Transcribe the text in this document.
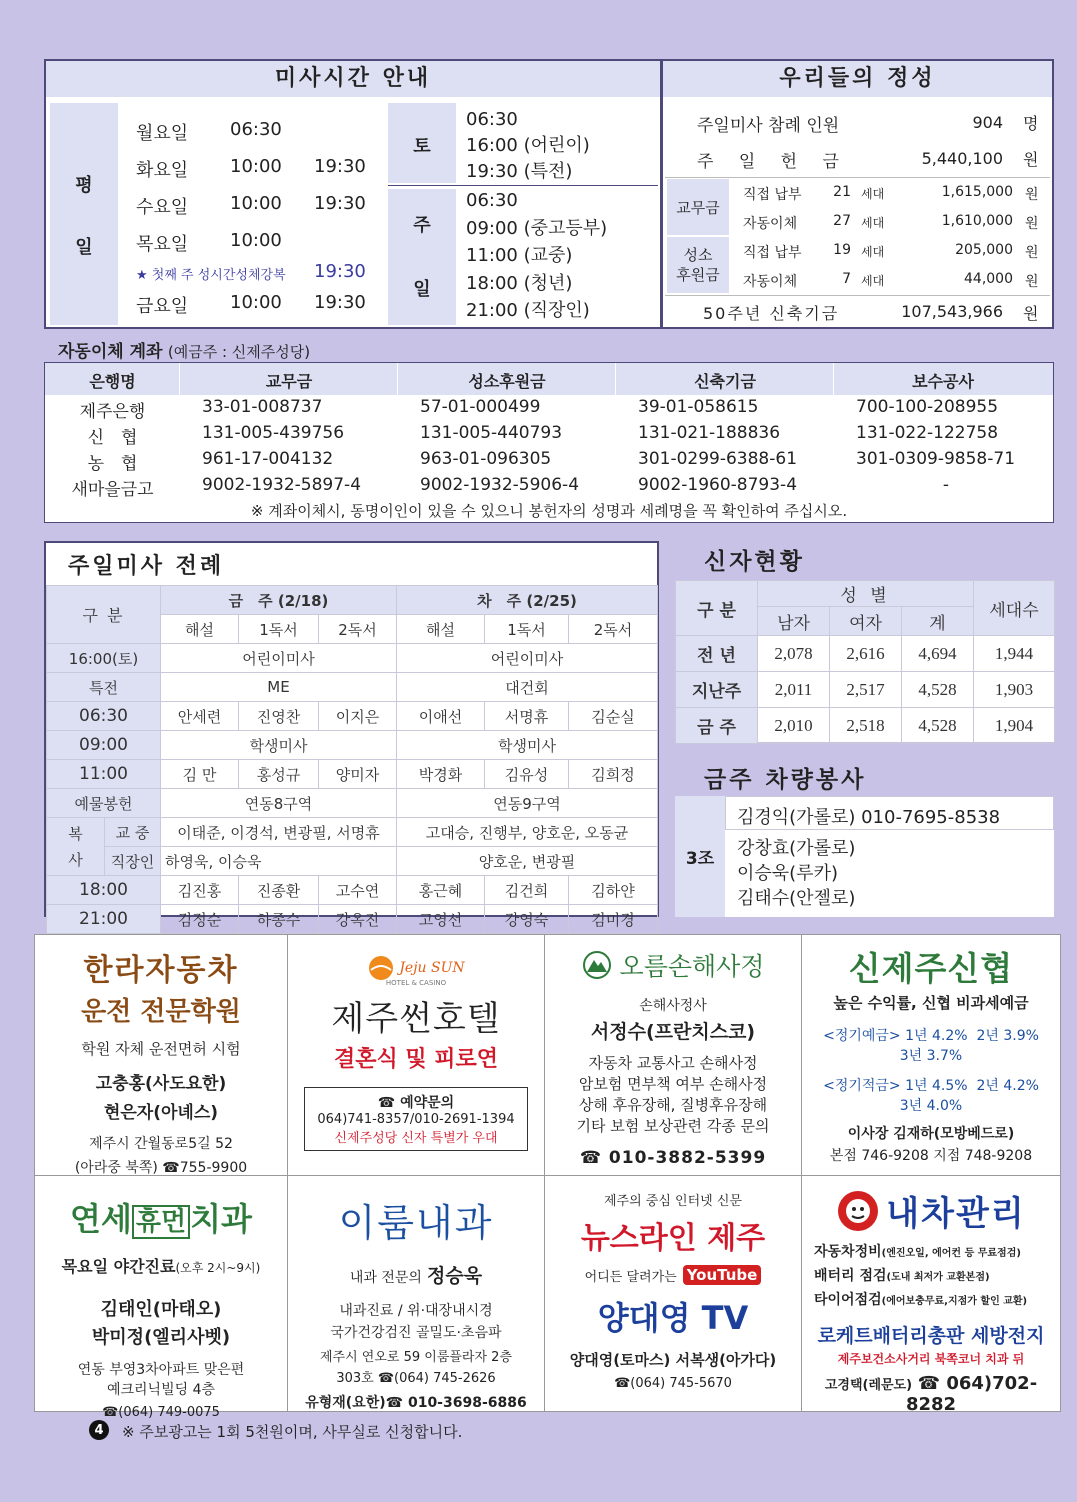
미사시간 안내
평
일
월요일 06:30
화요일 10:00 19:30
수요일 10:00 19:30
목요일 10:00
★ 첫째 주 성시간성체강복 19:30
금요일 10:00 19:30
토
06:30
16:00 (어린이)
19:30 (특전)
주
일
06:30
09:00 (중고등부)
11:00 (교중)
18:00 (청년)
21:00 (직장인)
우리들의 정성
주일미사 참례 인원	904 명
주 일 헌 금	5,440,100 원
교무금
성소
후원금
직접 납부	21 세대	1,615,000 원
자동이체	27 세대	1,610,000 원
직접 납부	19 세대	205,000 원
자동이체	7 세대	44,000 원
50주년 신축기금	107,543,966 원
자동이체 계좌 (예금주 : 신제주성당)
은행명	교무금	성소후원금	신축기금	보수공사
제주은행	33-01-008737	57-01-000499	39-01-058615	700-100-208955
신　협	131-005-439756	131-005-440793	131-021-188836	131-022-122758
농　협	961-17-004132	963-01-096305	301-0299-6388-61	301-0309-9858-71
새마을금고	9002-1932-5897-4	9002-1932-5906-4	9002-1960-8793-4	-
※ 계좌이체시, 동명이인이 있을 수 있으니 봉헌자의 성명과 세례명을 꼭 확인하여 주십시오.
주일미사 전례
구 분		금　주 (2/18)			차　주 (2/25)		
		해설	1독서	2독서	해설	1독서	2독서
16:00(토)		어린이미사			어린이미사		
특전		ME			대건회		
06:30		안세련	진영찬	이지은	이애선	서명휴	김순실
09:00		학생미사			학생미사		
11:00		김 만	홍성규	양미자	박경화	김유성	김희정
예물봉헌		연동8구역			연동9구역		

복
사	교 중	이태준, 이경석, 변광필, 서명휴			고대승, 진행부, 양호운, 오동균		
	직장인	하영욱, 이승욱			양호운, 변광필		
18:00		김진홍	진종환	고수연	홍근혜	김건희	김하얀
21:00		김정순	하종수	강옥진	고영선	강영숙	김미경
신자현황
구 분	성 별			세대수
	남자	여자	계	
전 년	2,078	2,616	4,694	1,944
지난주	2,011	2,517	4,528	1,903
금 주	2,010	2,518	4,528	1,904
금주 차량봉사
3조
김경익(가롤로) 010-7695-8538
강창효(가롤로)
이승욱(루카)
김태수(안젤로)
한라자동차
운전 전문학원
학원 자체 운전면허 시험
고충홍(사도요한)
현은자(아녜스)
제주시 간월동로5길 52
(아라중 북쪽) ☎755-9900
Jeju SUN
HOTEL & CASINO
제주썬호텔
결혼식 및 피로연
☎ 예약문의
064)741-8357/010-2691-1394
신제주성당 신자 특별가 우대
오름손해사정
손해사정사
서정수(프란치스코)
자동차 교통사고 손해사정
암보험 면부책 여부 손해사정
상해 후유장해, 질병후유장해
기타 보험 보상관련 각종 문의
☎ 010-3882-5399
신제주신협
높은 수익률, 신협 비과세예금
<정기예금> 1년 4.2%  2년 3.9%
3년 3.7%
<정기적금> 1년 4.5%  2년 4.2%
3년 4.0%
이사장 김재하(모방베드로)
본점 746-9208 지점 748-9208
연세 휴먼 치과
목요일 야간진료(오후 2시~9시)
김태인(마태오)
박미정(엘리사벳)
연동 부영3차아파트 맞은편
예크리닉빌딩 4층
☎(064) 749-0075
이룸내과
내과 전문의 정승욱
내과진료 / 위·대장내시경
국가건강검진 골밀도·초음파
제주시 연오로 59 이룸플라자 2층
303호 ☎(064) 745-2626
유형재(요한)☎ 010-3698-6886
제주의 중심 인터넷 신문
뉴스라인 제주
어디든 달려가는 YouTube
양대영 TV
양대영(토마스) 서복생(아가다)
☎(064) 745-5670
내차관리
자동차정비(엔진오일, 에어컨 등 무료점검)
배터리 점검(도내 최저가 교환본점)
타이어점검(에어보충무료,지점가 할인 교환)
로케트배터리총판 세방전지
제주보건소사거리 북쪽코너 치과 뒤
고경택(레문도) ☎ 064)702-8282
4	※ 주보광고는 1회 5천원이며, 사무실로 신청합니다.
